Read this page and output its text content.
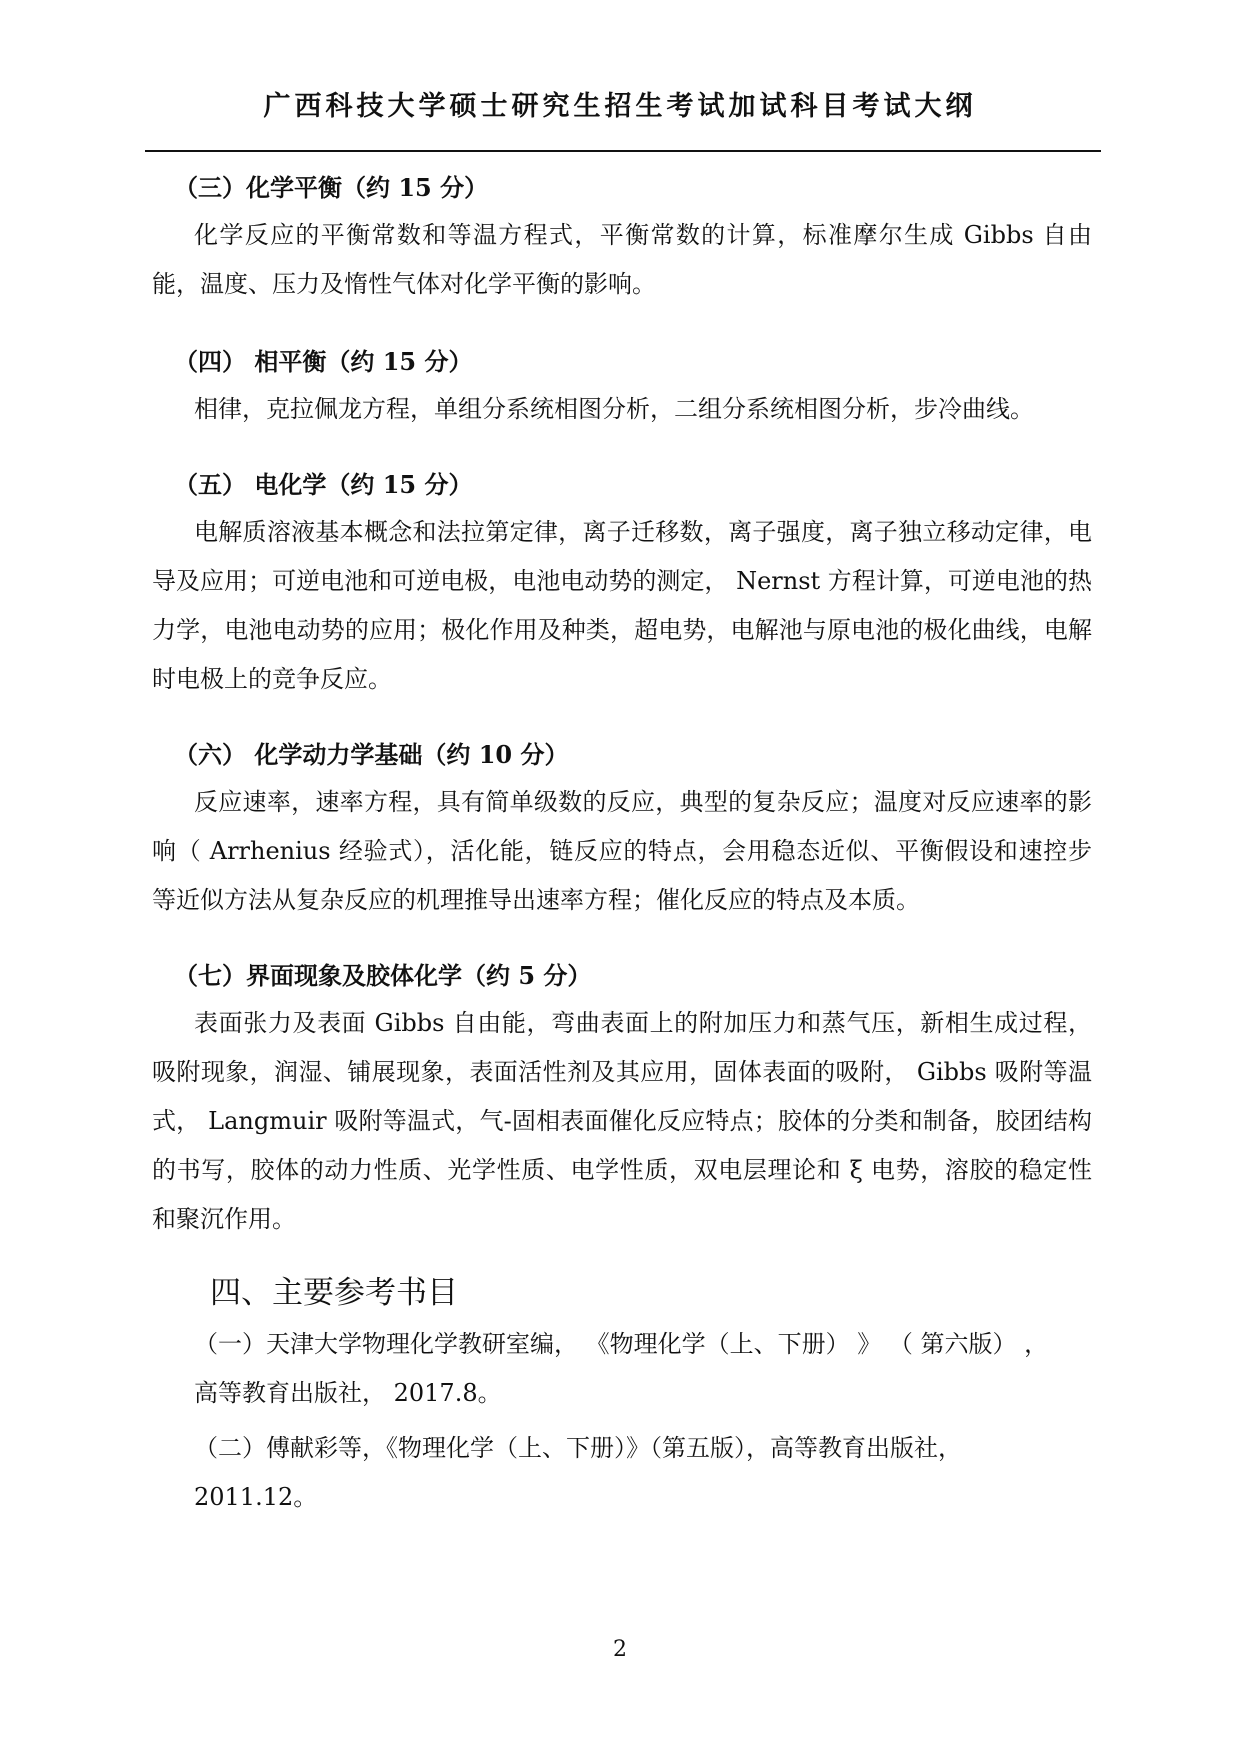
广西科技大学硕士研究生招生考试加试科目考试大纲
（三）化学平衡（约 15 分）

化学反应的平衡常数和等温方程式，平衡常数的计算，标准摩尔生成 Gibbs 自由能，温度、压力及惰性气体对化学平衡的影响。

（四） 相平衡（约 15 分）

相律，克拉佩龙方程，单组分系统相图分析，二组分系统相图分析，步冷曲线。

（五） 电化学（约 15 分）

电解质溶液基本概念和法拉第定律，离子迁移数，离子强度，离子独立移动定律，电导及应用；可逆电池和可逆电极，电池电动势的测定， Nernst 方程计算，可逆电池的热力学，电池电动势的应用；极化作用及种类，超电势，电解池与原电池的极化曲线，电解时电极上的竞争反应。

（六） 化学动力学基础（约 10 分）

反应速率，速率方程，具有简单级数的反应，典型的复杂反应；温度对反应速率的影响（ Arrhenius 经验式），活化能，链反应的特点，会用稳态近似、平衡假设和速控步等近似方法从复杂反应的机理推导出速率方程；催化反应的特点及本质。

（七）界面现象及胶体化学（约 5 分）

表面张力及表面 Gibbs 自由能，弯曲表面上的附加压力和蒸气压，新相生成过程，吸附现象，润湿、铺展现象，表面活性剂及其应用，固体表面的吸附， Gibbs 吸附等温式， Langmuir 吸附等温式，气-固相表面催化反应特点；胶体的分类和制备，胶团结构的书写，胶体的动力性质、光学性质、电学性质，双电层理论和 ξ 电势，溶胶的稳定性和聚沉作用。

四、主要参考书目
（一）天津大学物理化学教研室编， 《物理化学（上、下册） 》 （ 第六版） ，
高等教育出版社， 2017.8。
（二）傅献彩等，《物理化学（上、下册）》（第五版），高等教育出版社， 2011.12。
2
